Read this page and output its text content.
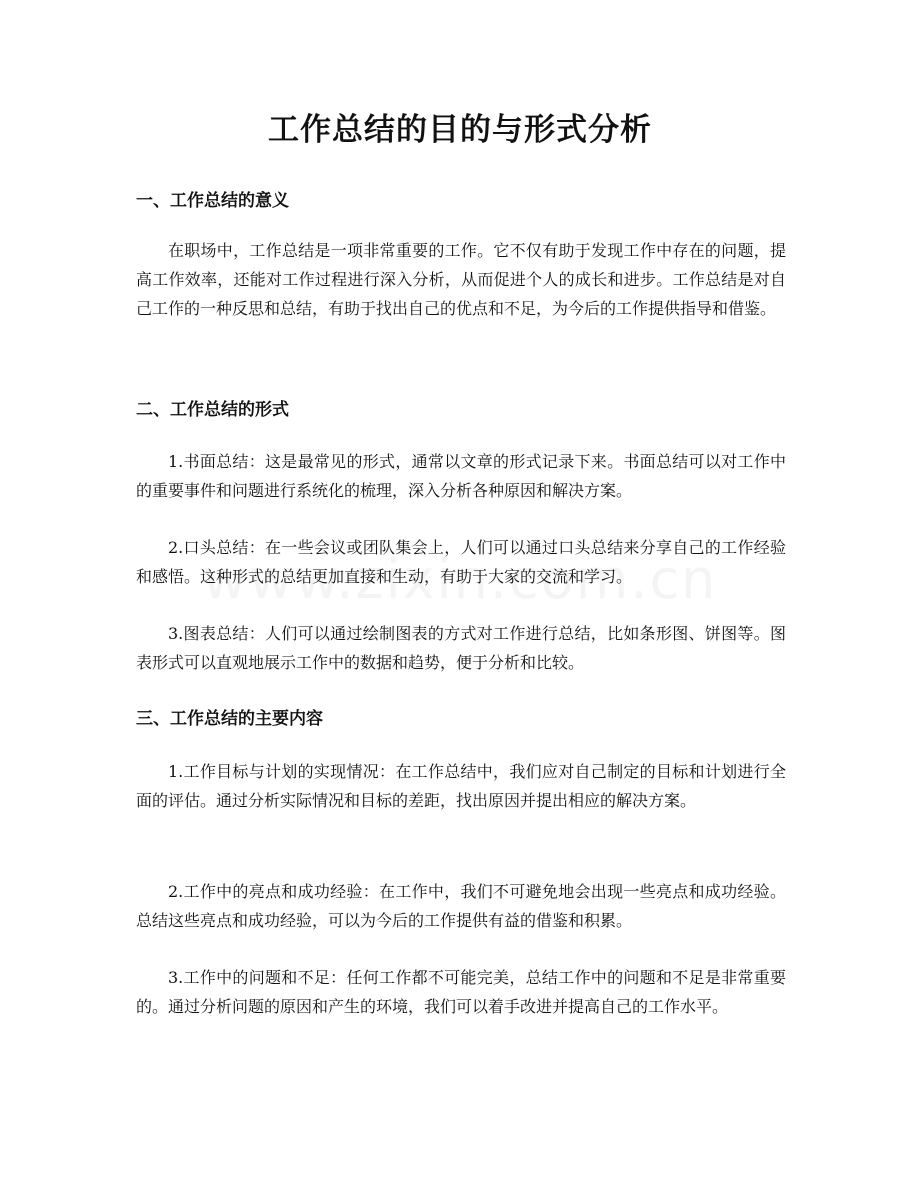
工作总结的目的与形式分析
一、工作总结的意义

在职场中，工作总结是一项非常重要的工作。它不仅有助于发现工作中存在的问题，提高工作效率，还能对工作过程进行深入分析，从而促进个人的成长和进步。工作总结是对自己工作的一种反思和总结，有助于找出自己的优点和不足，为今后的工作提供指导和借鉴。

二、工作总结的形式

1.书面总结：这是最常见的形式，通常以文章的形式记录下来。书面总结可以对工作中的重要事件和问题进行系统化的梳理，深入分析各种原因和解决方案。

2.口头总结：在一些会议或团队集会上，人们可以通过口头总结来分享自己的工作经验和感悟。这种形式的总结更加直接和生动，有助于大家的交流和学习。

3.图表总结：人们可以通过绘制图表的方式对工作进行总结，比如条形图、饼图等。图表形式可以直观地展示工作中的数据和趋势，便于分析和比较。

三、工作总结的主要内容

1.工作目标与计划的实现情况：在工作总结中，我们应对自己制定的目标和计划进行全面的评估。通过分析实际情况和目标的差距，找出原因并提出相应的解决方案。

2.工作中的亮点和成功经验：在工作中，我们不可避免地会出现一些亮点和成功经验。总结这些亮点和成功经验，可以为今后的工作提供有益的借鉴和积累。

3.工作中的问题和不足：任何工作都不可能完美，总结工作中的问题和不足是非常重要的。通过分析问题的原因和产生的环境，我们可以着手改进并提高自己的工作水平。
